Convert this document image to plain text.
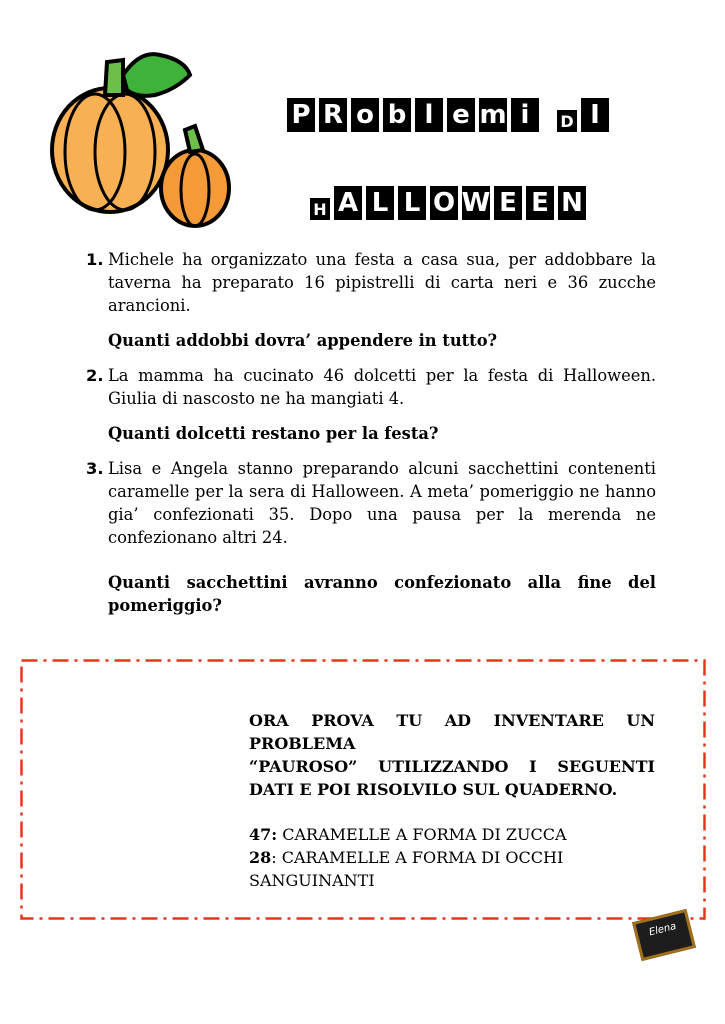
P R o b l e m i	D I
H A L L O W E E N
1. Michele ha organizzato una festa a casa sua, per addobbare la taverna ha preparato 16 pipistrelli di carta neri e 36 zucche arancioni.
Quanti addobbi dovra’ appendere in tutto?
2. La mamma ha cucinato 46 dolcetti per la festa di Halloween. Giulia di nascosto ne ha mangiati 4.
Quanti dolcetti restano per la festa?
3. Lisa e Angela stanno preparando alcuni sacchettini contenenti caramelle per la sera di Halloween. A meta’ pomeriggio ne hanno gia’ confezionati 35. Dopo una pausa per la merenda ne confezionano altri 24.
Quanti sacchettini avranno confezionato alla fine del pomeriggio?
ORA PROVA TU AD INVENTARE UN PROBLEMA
“PAUROSO” UTILIZZANDO I SEGUENTI DATI E POI RISOLVILO SUL QUADERNO.
47: CARAMELLE A FORMA DI ZUCCA
28: CARAMELLE A FORMA DI OCCHI SANGUINANTI
Elena
